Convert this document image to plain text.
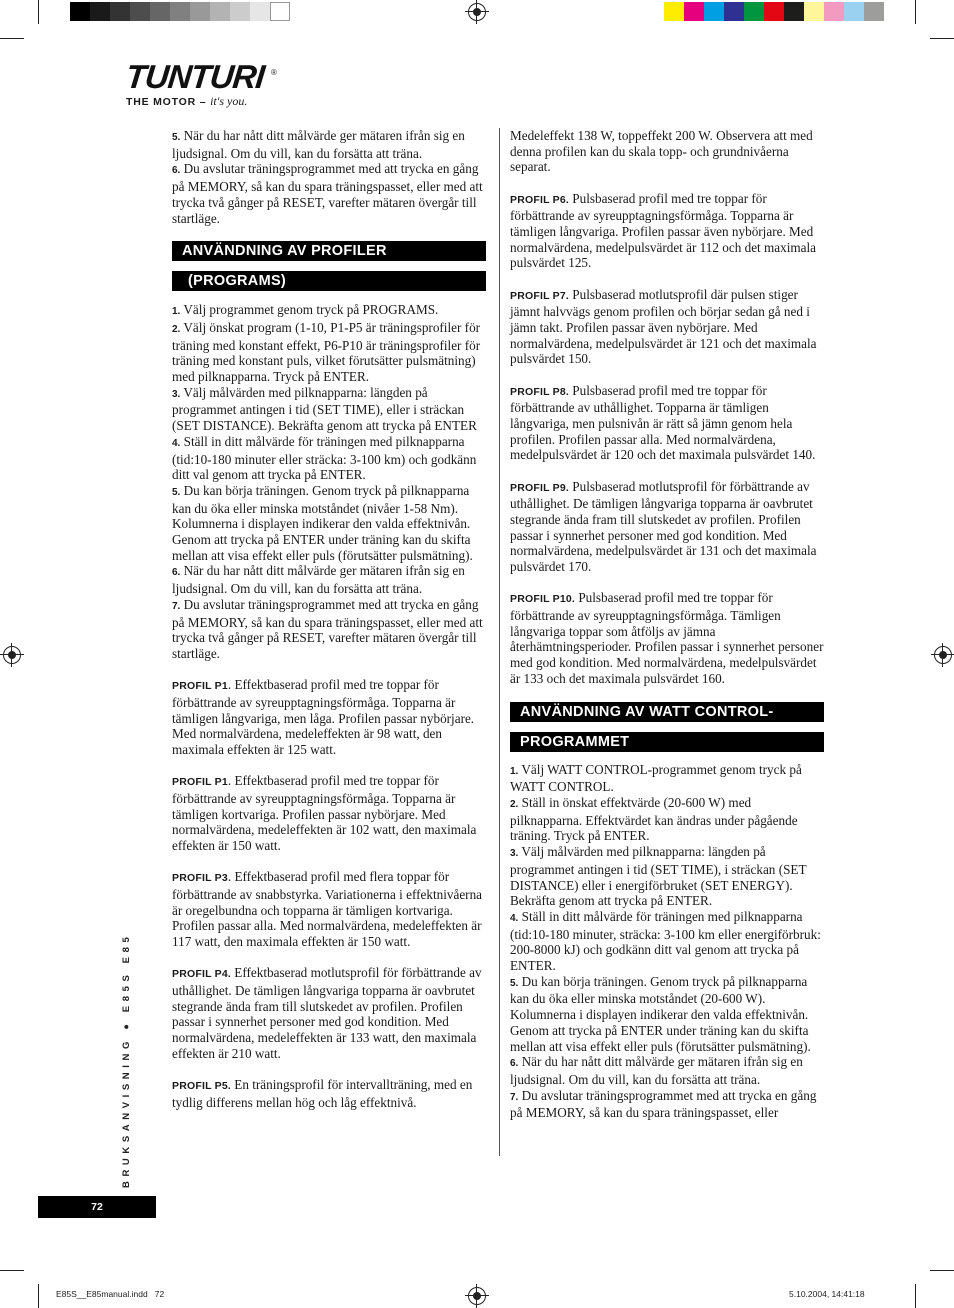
TUNTURI ®
THE MOTOR – it's you.

5. När du har nått ditt målvärde ger mätaren ifrån sig en ljudsignal. Om du vill, kan du forsätta att träna.

6. Du avslutar träningsprogrammet med att trycka en gång på MEMORY, så kan du spara träningspasset, eller med att trycka två gånger på RESET, varefter mätaren övergår till startläge.

ANVÄNDNING AV PROFILER
(PROGRAMS)

1. Välj programmet genom tryck på PROGRAMS.

2. Välj önskat program (1-10, P1-P5 är träningsprofiler för träning med konstant effekt, P6-P10 är träningsprofiler för träning med konstant puls, vilket förutsätter pulsmätning) med pilknapparna. Tryck på ENTER.

3. Välj målvärden med pilknapparna: längden på programmet antingen i tid (SET TIME), eller i sträckan (SET DISTANCE). Bekräfta genom att trycka på ENTER

4. Ställ in ditt målvärde för träningen med pilknapparna (tid:10-180 minuter eller sträcka: 3-100 km) och godkänn ditt val genom att trycka på ENTER.

5. Du kan börja träningen. Genom tryck på pilknapparna kan du öka eller minska motståndet (nivåer 1-58 Nm). Kolumnerna i displayen indikerar den valda effektnivån. Genom att trycka på ENTER under träning kan du skifta mellan att visa effekt eller puls (förutsätter pulsmätning).

6. När du har nått ditt målvärde ger mätaren ifrån sig en ljudsignal. Om du vill, kan du forsätta att träna.

7. Du avslutar träningsprogrammet med att trycka en gång på MEMORY, så kan du spara träningspasset, eller med att trycka två gånger på RESET, varefter mätaren övergår till startläge.

PROFIL P1. Effektbaserad profil med tre toppar för förbättrande av syreupptagningsförmåga. Topparna är tämligen långvariga, men låga. Profilen passar nybörjare. Med normalvärdena, medeleffekten är 98 watt, den maximala effekten är 125 watt.

PROFIL P1. Effektbaserad profil med tre toppar för förbättrande av syreupptagningsförmåga. Topparna är tämligen kortvariga. Profilen passar nybörjare. Med normalvärdena, medeleffekten är 102 watt, den maximala effekten är 150 watt.

PROFIL P3. Effektbaserad profil med flera toppar för förbättrande av snabbstyrka. Variationerna i effektnivåerna är oregelbundna och topparna är tämligen kortvariga. Profilen passar alla. Med normalvärdena, medeleffekten är 117 watt, den maximala effekten är 150 watt.

PROFIL P4. Effektbaserad motlutsprofil för förbättrande av uthållighet. De tämligen långvariga topparna är oavbrutet stegrande ända fram till slutskedet av profilen. Profilen passar i synnerhet personer med god kondition. Med normalvärdena, medeleffekten är 133 watt, den maximala effekten är 210 watt.

PROFIL P5. En träningsprofil för intervallträning, med en tydlig differens mellan hög och låg effektnivå.

Medeleffekt 138 W, toppeffekt 200 W. Observera att med denna profilen kan du skala topp- och grundnivåerna separat.

PROFIL P6. Pulsbaserad profil med tre toppar för förbättrande av syreupptagningsförmåga. Topparna är tämligen långvariga. Profilen passar även nybörjare. Med normalvärdena, medelpulsvärdet är 112 och det maximala pulsvärdet 125.

PROFIL P7. Pulsbaserad motlutsprofil där pulsen stiger jämnt halvvägs genom profilen och börjar sedan gå ned i jämn takt. Profilen passar även nybörjare. Med normalvärdena, medelpulsvärdet är 121 och det maximala pulsvärdet 150.

PROFIL P8. Pulsbaserad profil med tre toppar för förbättrande av uthållighet. Topparna är tämligen långvariga, men pulsnivån är rätt så jämn genom hela profilen. Profilen passar alla. Med normalvärdena, medelpulsvärdet är 120 och det maximala pulsvärdet 140.

PROFIL P9. Pulsbaserad motlutsprofil för förbättrande av uthållighet. De tämligen långvariga topparna är oavbrutet stegrande ända fram till slutskedet av profilen. Profilen passar i synnerhet personer med god kondition. Med normalvärdena, medelpulsvärdet är 131 och det maximala pulsvärdet 170.

PROFIL P10. Pulsbaserad profil med tre toppar för förbättrande av syreupptagningsförmåga. Tämligen långvariga toppar som åtföljs av jämna återhämtningsperioder. Profilen passar i synnerhet personer med god kondition. Med normalvärdena, medelpulsvärdet är 133 och det maximala pulsvärdet 160.

ANVÄNDNING AV WATT CONTROL-
PROGRAMMET

1. Välj WATT CONTROL-programmet genom tryck på WATT CONTROL.

2. Ställ in önskat effektvärde (20-600 W) med pilknapparna. Effektvärdet kan ändras under pågående träning. Tryck på ENTER.

3. Välj målvärden med pilknapparna: längden på programmet antingen i tid (SET TIME), i sträckan (SET DISTANCE) eller i energiförbruket (SET ENERGY). Bekräfta genom att trycka på ENTER.

4. Ställ in ditt målvärde för träningen med pilknapparna (tid:10-180 minuter, sträcka: 3-100 km eller energiförbruk: 200-8000 kJ) och godkänn ditt val genom att trycka på ENTER.

5. Du kan börja träningen. Genom tryck på pilknapparna kan du öka eller minska motståndet (20-600 W). Kolumnerna i displayen indikerar den valda effektnivån. Genom att trycka på ENTER under träning kan du skifta mellan att visa effekt eller puls (förutsätter pulsmätning).

6. När du har nått ditt målvärde ger mätaren ifrån sig en ljudsignal. Om du vill, kan du forsätta att träna.

7. Du avslutar träningsprogrammet med att trycka en gång på MEMORY, så kan du spara träningspasset, eller

BRUKSANVISNING ● E85S E85
72
E85S__E85manual.indd   72	5.10.2004, 14:41:18
